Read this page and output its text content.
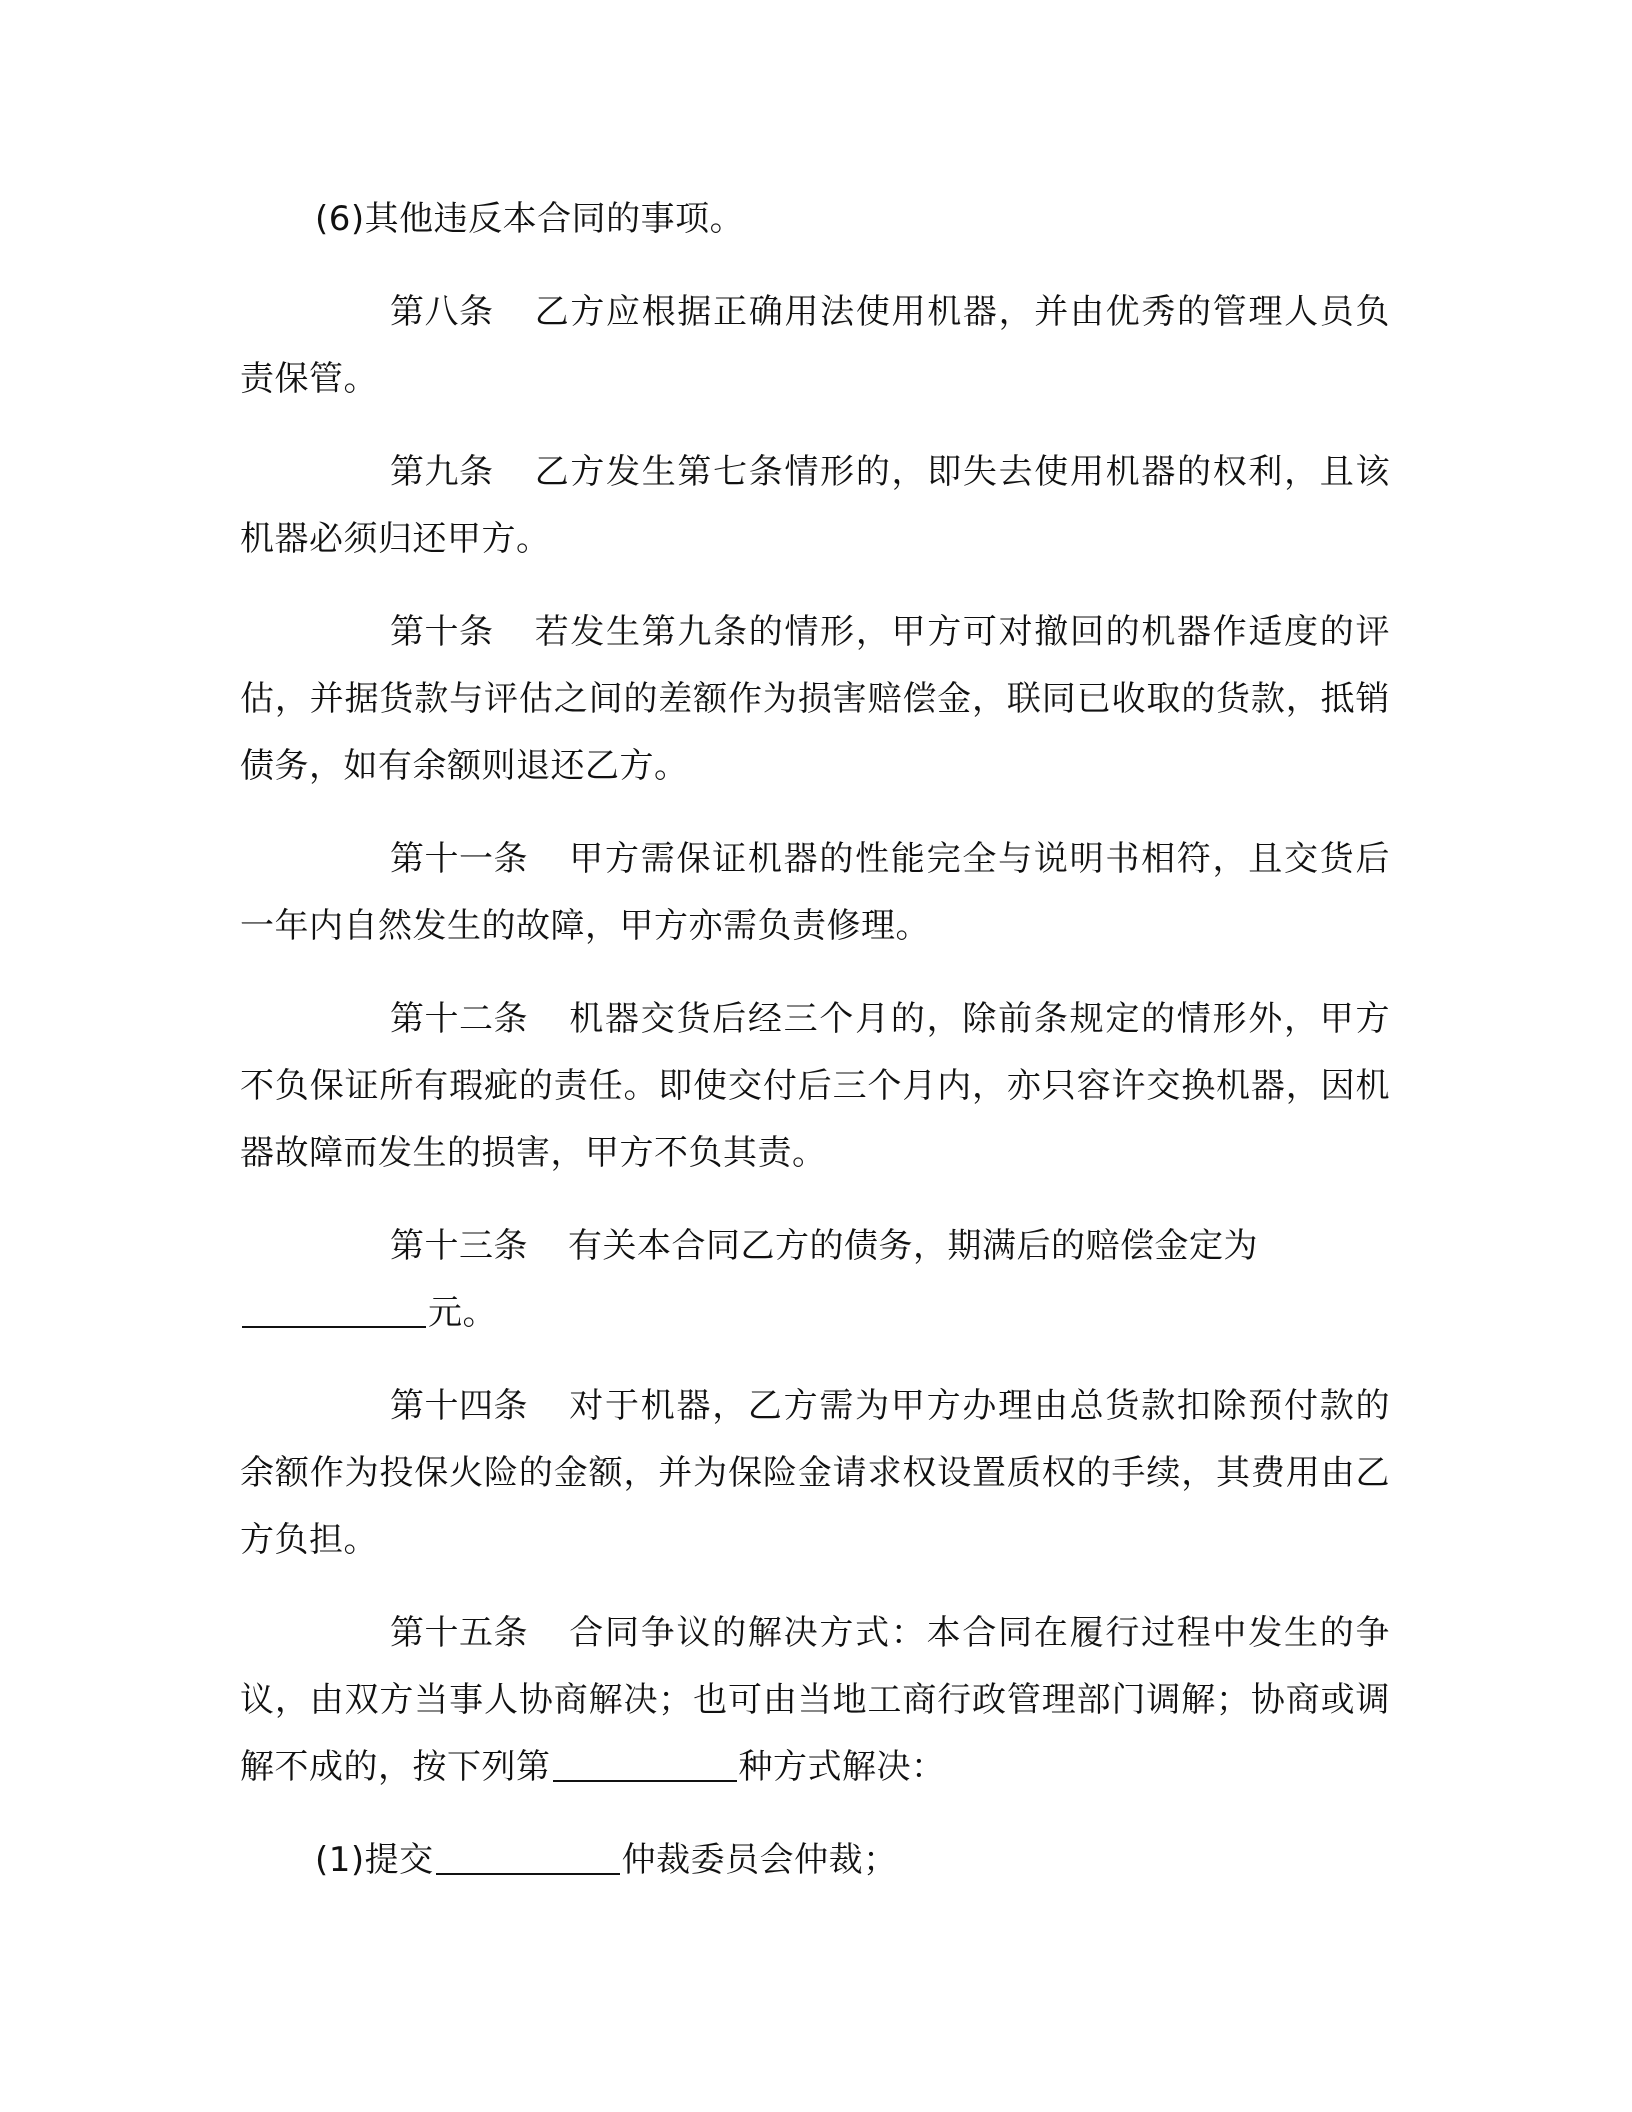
(6)其他违反本合同的事项。

第八条 乙方应根据正确用法使用机器，并由优秀的管理人员负责保管。

第九条 乙方发生第七条情形的，即失去使用机器的权利，且该机器必须归还甲方。

第十条 若发生第九条的情形，甲方可对撤回的机器作适度的评估，并据货款与评估之间的差额作为损害赔偿金，联同已收取的货款，抵销债务，如有余额则退还乙方。

第十一条 甲方需保证机器的性能完全与说明书相符，且交货后一年内自然发生的故障，甲方亦需负责修理。

第十二条 机器交货后经三个月的，除前条规定的情形外，甲方不负保证所有瑕疵的责任。即使交付后三个月内，亦只容许交换机器，因机器故障而发生的损害，甲方不负其责。

第十三条 有关本合同乙方的债务，期满后的赔偿金定为
元。

第十四条 对于机器，乙方需为甲方办理由总货款扣除预付款的余额作为投保火险的金额，并为保险金请求权设置质权的手续，其费用由乙方负担。

第十五条 合同争议的解决方式：本合同在履行过程中发生的争议，由双方当事人协商解决；也可由当地工商行政管理部门调解；协商或调解不成的，按下列第	种方式解决：

(1)提交	仲裁委员会仲裁；
